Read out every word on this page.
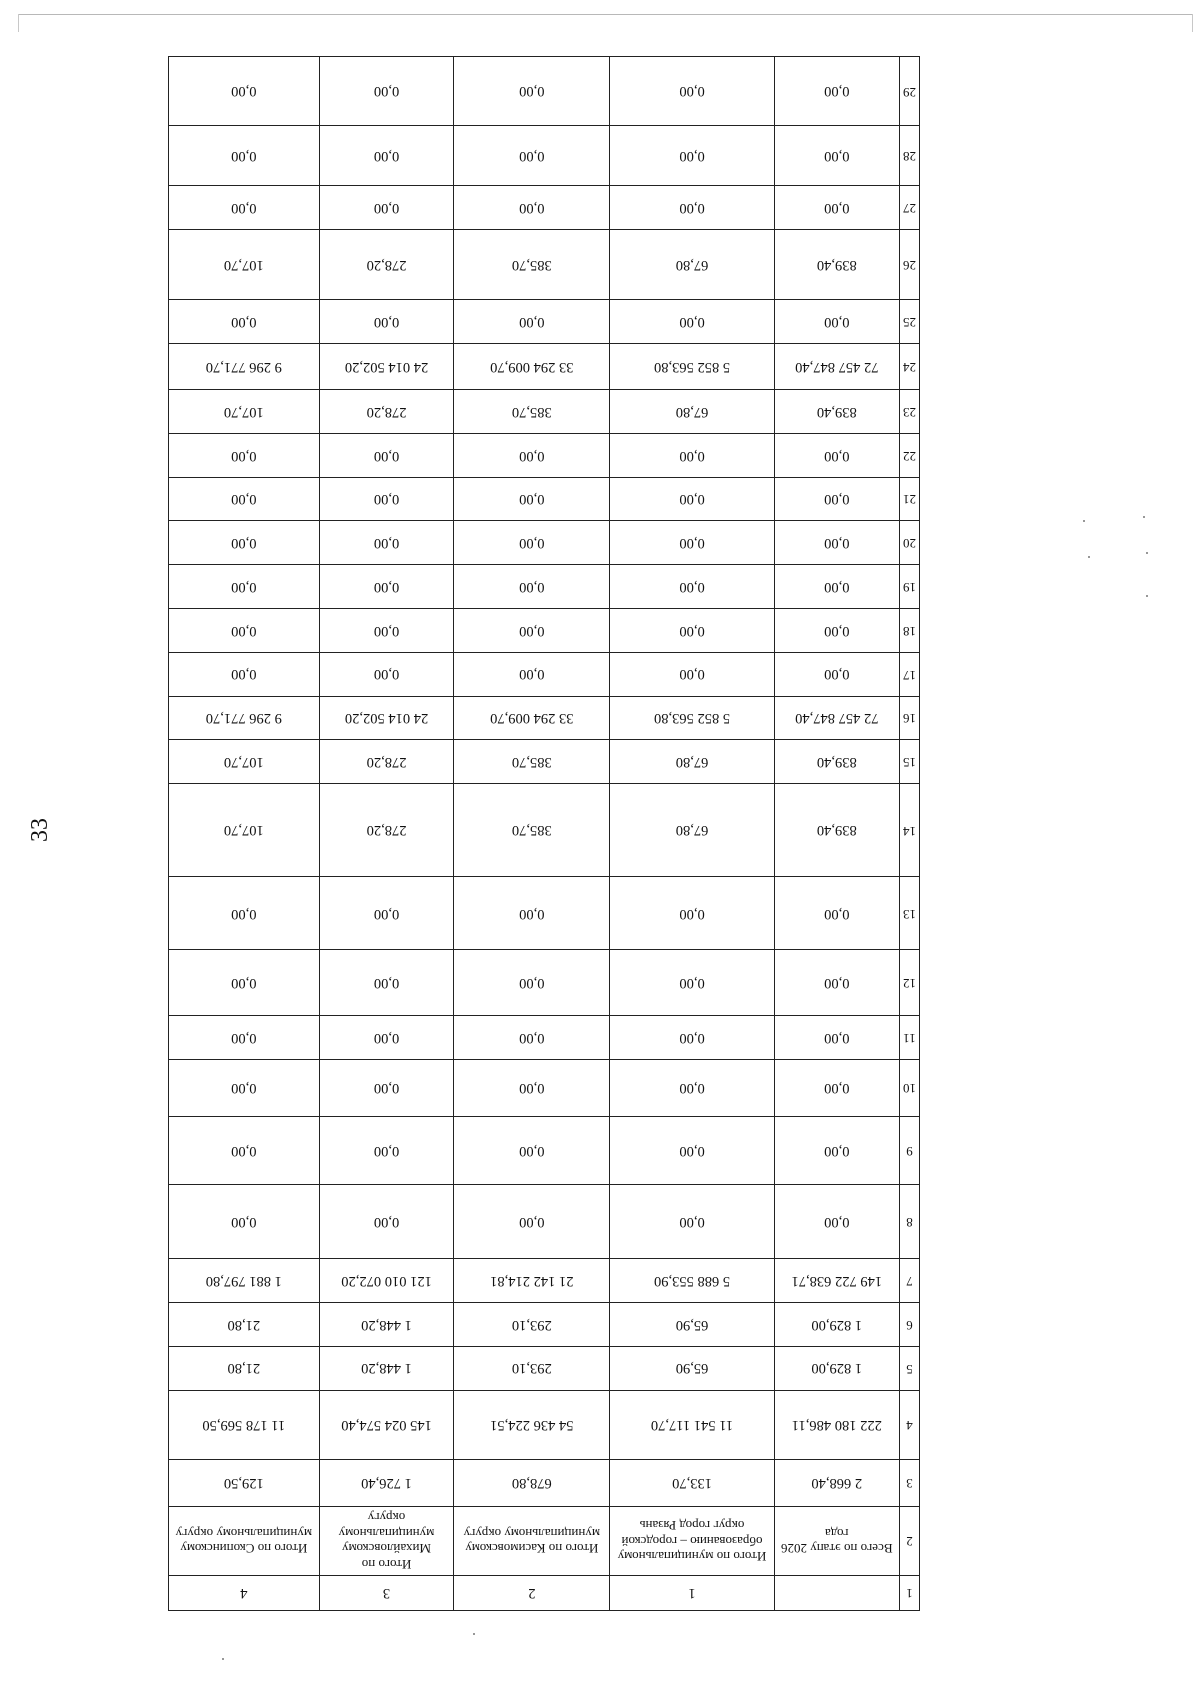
33
1		1	2	3	4
2	Всего по этапу 2026 года	Итого по муниципальному образованию – городской округ город Рязань	Итого по Касимовскому муниципальному округу	Итого по Михайловскому муниципальному округу	Итого по Скопинскому муниципальному округу
3	2 668,40	133,70	678,80	1 726,40	129,50
4	222 180 486,11	11 541 117,70	54 436 224,51	145 024 574,40	11 178 569,50
5	1 829,00	65,90	293,10	1 448,20	21,80
6	1 829,00	65,90	293,10	1 448,20	21,80
7	149 722 638,71	5 688 553,90	21 142 214,81	121 010 072,20	1 881 797,80
8	0,00	0,00	0,00	0,00	0,00
9	0,00	0,00	0,00	0,00	0,00
10	0,00	0,00	0,00	0,00	0,00
11	0,00	0,00	0,00	0,00	0,00
12	0,00	0,00	0,00	0,00	0,00
13	0,00	0,00	0,00	0,00	0,00
14	839,40	67,80	385,70	278,20	107,70
15	839,40	67,80	385,70	278,20	107,70
16	72 457 847,40	5 852 563,80	33 294 009,70	24 014 502,20	9 296 771,70
17	0,00	0,00	0,00	0,00	0,00
18	0,00	0,00	0,00	0,00	0,00
19	0,00	0,00	0,00	0,00	0,00
20	0,00	0,00	0,00	0,00	0,00
21	0,00	0,00	0,00	0,00	0,00
22	0,00	0,00	0,00	0,00	0,00
23	839,40	67,80	385,70	278,20	107,70
24	72 457 847,40	5 852 563,80	33 294 009,70	24 014 502,20	9 296 771,70
25	0,00	0,00	0,00	0,00	0,00
26	839,40	67,80	385,70	278,20	107,70
27	0,00	0,00	0,00	0,00	0,00
28	0,00	0,00	0,00	0,00	0,00
29	0,00	0,00	0,00	0,00	0,00
